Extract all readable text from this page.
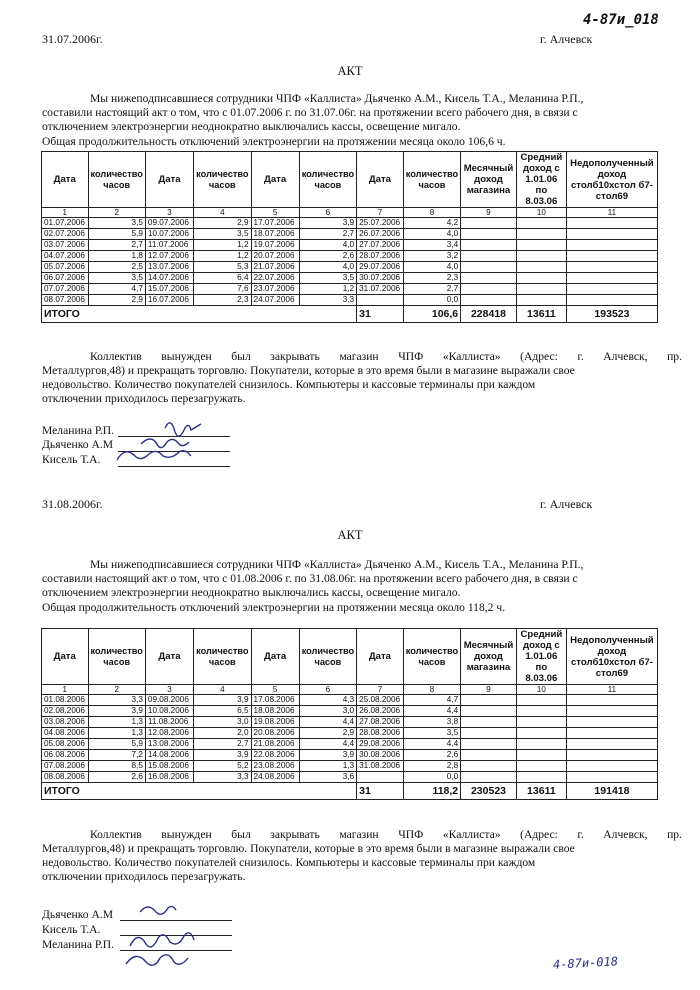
4-87и_018
31.07.2006г.	г. Алчевск
АКТ
Мы нижеподписавшиеся сотрудники ЧПФ «Каллиста» Дьяченко А.М., Кисель Т.А., Меланина Р.П.,
составили настоящий акт о том, что с 01.07.2006 г. по 31.07.06г. на протяжении всего рабочего дня, в связи с
отключением электроэнергии неоднократно выключались кассы, освещение мигало.
Общая продолжительность отключений электроэнергии на протяжении месяца около 106,6 ч.
Дата	количество часов	Дата	количество часов	Дата	количество часов	Дата	количество часов	Месячный доход магазина	Средний доход с 1.01.06 по 8.03.06	Недополученный доход столб10хстол б7-стол69
1	2	3	4	5	6	7	8	9	10	11
01.07.2006	3,5	09.07.2006	2,9	17.07.2006	3,9	25.07.2006	4,2			
02.07.2006	5,9	10.07.2006	3,5	18.07.2006	2,7	26.07.2006	4,0			
03.07.2006	2,7	11.07.2006	1,2	19.07.2006	4,0	27.07.2006	3,4			
04.07.2006	1,8	12.07.2006	1,2	20.07.2006	2,6	28.07.2006	3,2			
05.07.2006	2,5	13.07.2006	5,3	21.07.2006	4,0	29.07.2006	4,0			
06.07.2006	3,5	14.07.2006	6,4	22.07.2006	3,5	30.07.2006	2,3			
07.07.2006	4,7	15.07.2006	7,6	23.07.2006	1,2	31.07.2006	2,7			
08.07.2006	2,9	16.07.2006	2,3	24.07.2006	3,3		0,0			
ИТОГО						31	106,6	228418	13611	193523
Коллектив вынужден был закрывать магазин ЧПФ «Каллиста» (Адрес: г. Алчевск, пр.
Металлургов,48) и прекращать торговлю. Покупатели, которые в это время были в магазине выражали свое
недовольство. Количество покупателей снизилось. Компьютеры и кассовые терминалы при каждом
отключении приходилось перезагружать.
Меланина Р.П.
Дьяченко А.М
Кисель Т.А.
31.08.2006г.	г. Алчевск
АКТ
Мы нижеподписавшиеся сотрудники ЧПФ «Каллиста» Дьяченко А.М., Кисель Т.А., Меланина Р.П.,
составили настоящий акт о том, что с 01.08.2006 г. по 31.08.06г. на протяжении всего рабочего дня, в связи с
отключением электроэнергии неоднократно выключались кассы, освещение мигало.
Общая продолжительность отключений электроэнергии на протяжении месяца около 118,2 ч.
Дата	количество часов	Дата	количество часов	Дата	количество часов	Дата	количество часов	Месячный доход магазина	Средний доход с 1.01.06 по 8.03.06	Недополученный доход столб10хстол б7-стол69
1	2	3	4	5	6	7	8	9	10	11
01.08.2006	3,3	09.08.2006	3,9	17.08.2006	4,3	25.08.2006	4,7			
02.08.2006	3,9	10.08.2006	6,5	18.08.2006	3,0	26.08.2006	4,4			
03.08.2006	1,3	11.08.2006	3,0	19.08.2006	4,4	27.08.2006	3,8			
04.08.2006	1,3	12.08.2006	2,0	20.08.2006	2,9	28.08.2006	3,5			
05.08.2006	5,9	13.08.2006	2,7	21.08.2006	4,4	29.08.2006	4,4			
06.08.2006	7,2	14.08.2006	3,9	22.08.2006	3,9	30.08.2006	2,6			
07.08.2006	8,5	15.08.2006	5,2	23.08.2006	1,3	31.08.2006	2,8			
08.08.2006	2,6	16.08.2006	3,3	24.08.2006	3,6		0,0			
ИТОГО						31	118,2	230523	13611	191418
Коллектив вынужден был закрывать магазин ЧПФ «Каллиста» (Адрес: г. Алчевск, пр.
Металлургов,48) и прекращать торговлю. Покупатели, которые в это время были в магазине выражали свое
недовольство. Количество покупателей снизилось. Компьютеры и кассовые терминалы при каждом
отключении приходилось перезагружать.
Дьяченко А.М
Кисель Т.А.
Меланина Р.П.
4-87и-018
